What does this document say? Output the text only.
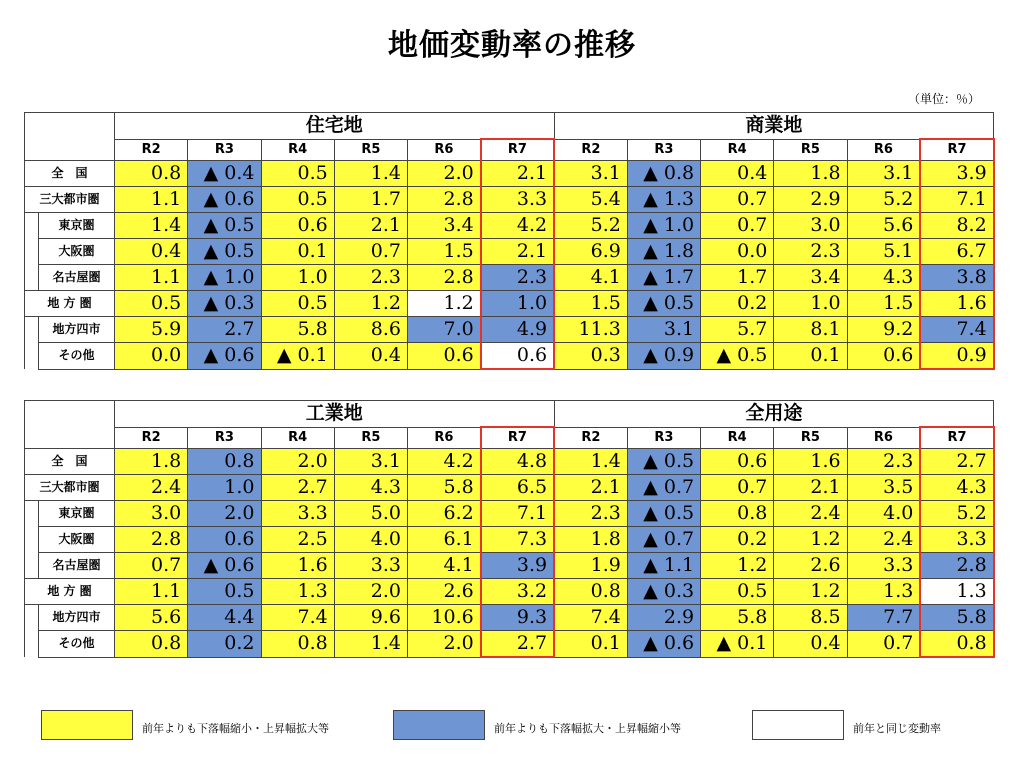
地価変動率の推移
（単位：％）
		住宅地						商業地					
		R2	R3	R4	R5	R6	R7	R2	R3	R4	R5	R6	R7
全　国		0.8	▲ 0.4	0.5	1.4	2.0	2.1	3.1	▲ 0.8	0.4	1.8	3.1	3.9
三大都市圏		1.1	▲ 0.6	0.5	1.7	2.8	3.3	5.4	▲ 1.3	0.7	2.9	5.2	7.1
	東京圏	1.4	▲ 0.5	0.6	2.1	3.4	4.2	5.2	▲ 1.0	0.7	3.0	5.6	8.2
	大阪圏	0.4	▲ 0.5	0.1	0.7	1.5	2.1	6.9	▲ 1.8	0.0	2.3	5.1	6.7
	名古屋圏	1.1	▲ 1.0	1.0	2.3	2.8	2.3	4.1	▲ 1.7	1.7	3.4	4.3	3.8
地 方 圏		0.5	▲ 0.3	0.5	1.2	1.2	1.0	1.5	▲ 0.5	0.2	1.0	1.5	1.6
	地方四市	5.9	2.7	5.8	8.6	7.0	4.9	11.3	3.1	5.7	8.1	9.2	7.4
	その他	0.0	▲ 0.6	▲ 0.1	0.4	0.6	0.6	0.3	▲ 0.9	▲ 0.5	0.1	0.6	0.9
		工業地						全用途					
		R2	R3	R4	R5	R6	R7	R2	R3	R4	R5	R6	R7
全　国		1.8	0.8	2.0	3.1	4.2	4.8	1.4	▲ 0.5	0.6	1.6	2.3	2.7
三大都市圏		2.4	1.0	2.7	4.3	5.8	6.5	2.1	▲ 0.7	0.7	2.1	3.5	4.3
	東京圏	3.0	2.0	3.3	5.0	6.2	7.1	2.3	▲ 0.5	0.8	2.4	4.0	5.2
	大阪圏	2.8	0.6	2.5	4.0	6.1	7.3	1.8	▲ 0.7	0.2	1.2	2.4	3.3
	名古屋圏	0.7	▲ 0.6	1.6	3.3	4.1	3.9	1.9	▲ 1.1	1.2	2.6	3.3	2.8
地 方 圏		1.1	0.5	1.3	2.0	2.6	3.2	0.8	▲ 0.3	0.5	1.2	1.3	1.3
	地方四市	5.6	4.4	7.4	9.6	10.6	9.3	7.4	2.9	5.8	8.5	7.7	5.8
	その他	0.8	0.2	0.8	1.4	2.0	2.7	0.1	▲ 0.6	▲ 0.1	0.4	0.7	0.8
前年よりも下落幅縮小・上昇幅拡大等	前年よりも下落幅拡大・上昇幅縮小等	前年と同じ変動率
